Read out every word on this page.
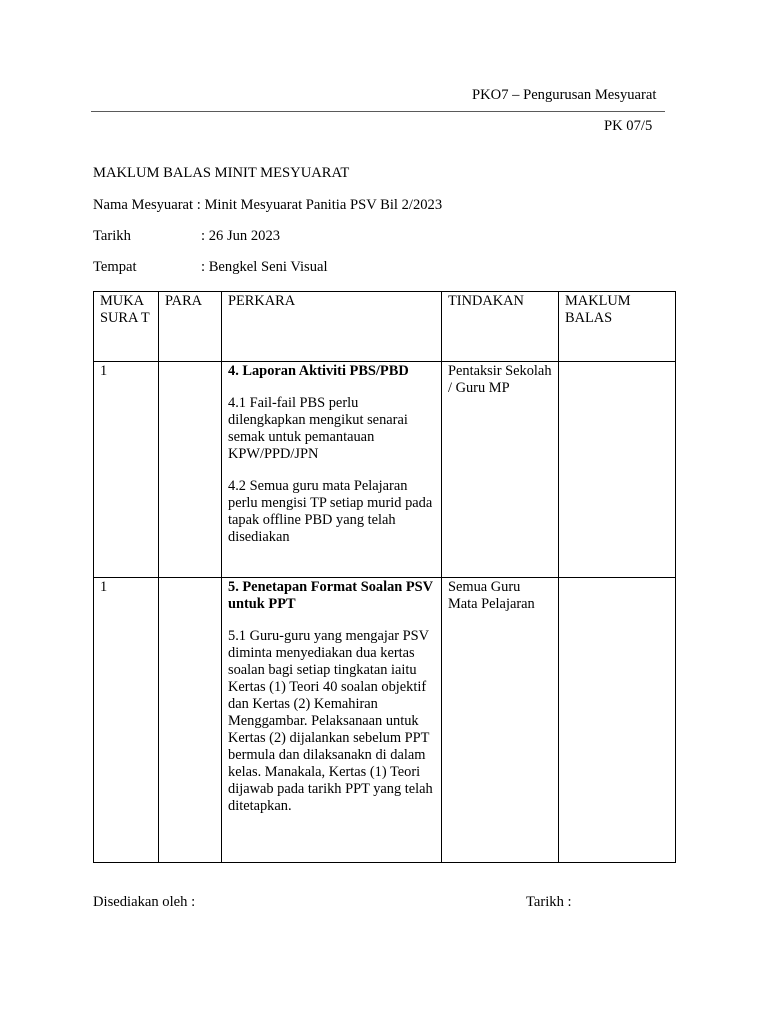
PKO7 – Pengurusan Mesyuarat
PK 07/5
MAKLUM BALAS MINIT MESYUARAT
Nama Mesyuarat : Minit Mesyuarat Panitia PSV Bil 2/2023
Tarikh	: 26 Jun 2023
Tempat	: Bengkel Seni Visual
MUKA SURA T	PARA	PERKARA	TINDAKAN	MAKLUM BALAS

1		4. Laporan Aktiviti PBS/PBD
4.1 Fail-fail PBS perlu dilengkapkan mengikut senarai semak untuk pemantauan KPW/PPD/JPN
4.2 Semua guru mata Pelajaran perlu mengisi TP setiap murid pada tapak offline PBD yang telah disediakan	Pentaksir Sekolah / Guru MP	
1		5. Penetapan Format Soalan PSV untuk PPT
5.1 Guru-guru yang mengajar PSV diminta menyediakan dua kertas soalan bagi setiap tingkatan iaitu Kertas (1) Teori 40 soalan objektif dan Kertas (2) Kemahiran Menggambar. Pelaksanaan untuk Kertas (2) dijalankan sebelum PPT bermula dan dilaksanakn di dalam kelas. Manakala, Kertas (1) Teori dijawab pada tarikh PPT yang telah ditetapkan.	Semua Guru Mata Pelajaran	
Disediakan oleh :	Tarikh :
